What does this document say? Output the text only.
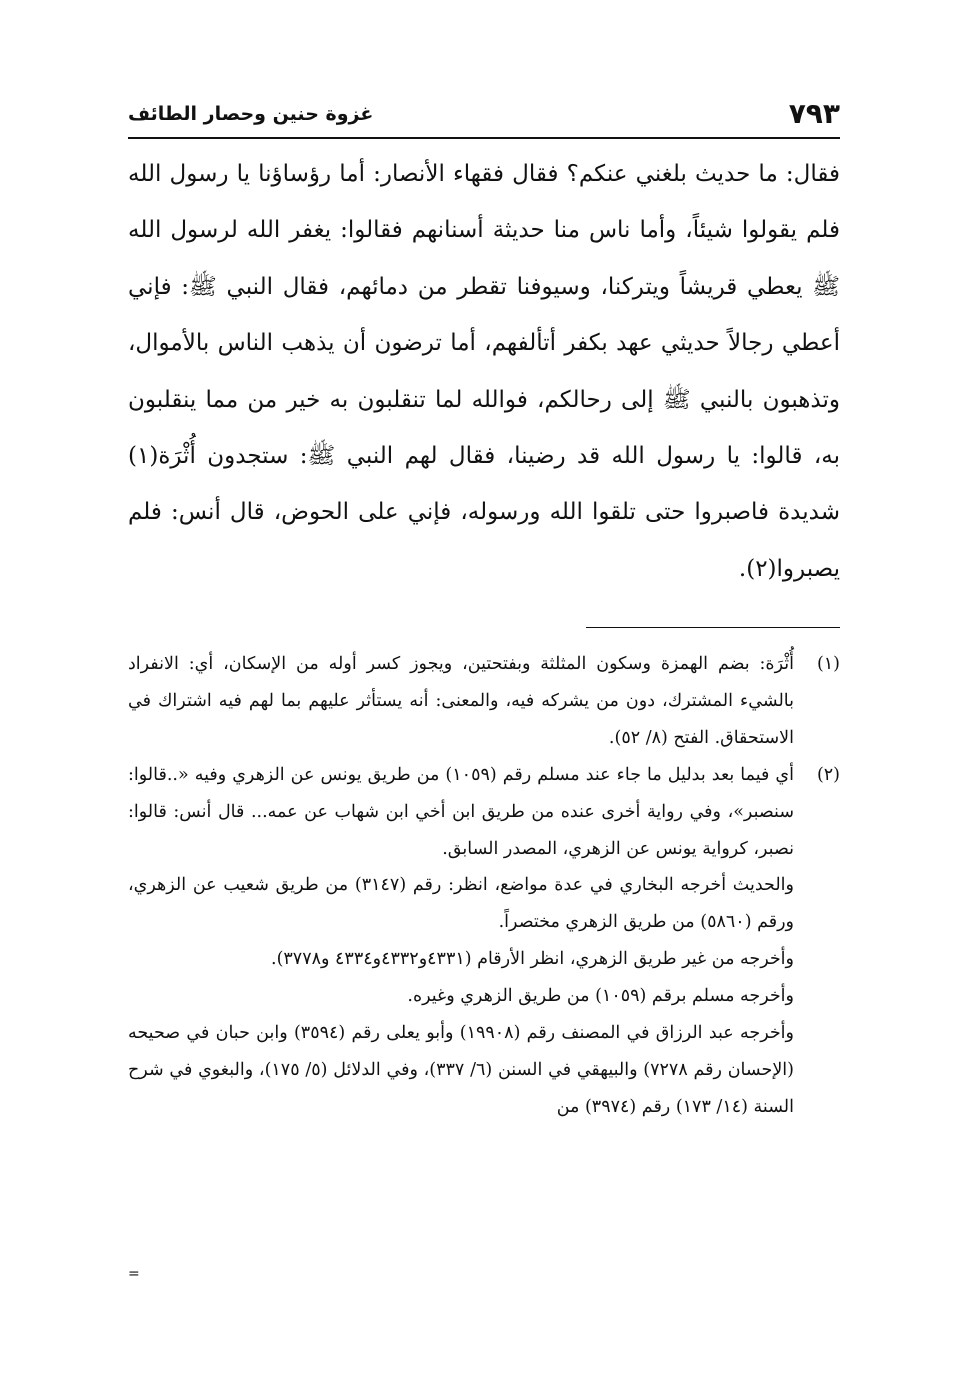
٧٩٣
غزوة حنين وحصار الطائف

فقال: ما حديث بلغني عنكم؟ فقال فقهاء الأنصار: أما رؤساؤنا يا رسول الله فلم يقولوا شيئاً، وأما ناس منا حديثة أسنانهم فقالوا: يغفر الله لرسول الله ﷺ يعطي قريشاً ويتركنا، وسيوفنا تقطر من دمائهم، فقال النبي ﷺ: فإني أعطي رجالاً حديثي عهد بكفر أتألفهم، أما ترضون أن يذهب الناس بالأموال، وتذهبون بالنبي ﷺ إلى رحالكم، فوالله لما تنقلبون به خير من مما ينقلبون به، قالوا: يا رسول الله قد رضينا، فقال لهم النبي ﷺ: ستجدون أُثْرَة(١) شديدة فاصبروا حتى تلقوا الله ورسوله، فإني على الحوض، قال أنس: فلم يصبروا(٢).

(١)

أُثْرَة: بضم الهمزة وسكون المثلثة وبفتحتين، ويجوز كسر أوله من الإسكان، أي: الانفراد بالشيء المشترك، دون من يشركه فيه، والمعنى: أنه يستأثر عليهم بما لهم فيه اشتراك في الاستحقاق. الفتح (٨/ ٥٢).

(٢)

أي فيما بعد بدليل ما جاء عند مسلم رقم (١٠٥٩) من طريق يونس عن الزهري وفيه «..قالوا: سنصبر»، وفي رواية أخرى عنده من طريق ابن أخي ابن شهاب عن عمه... قال أنس: قالوا: نصبر، كرواية يونس عن الزهري، المصدر السابق.

والحديث أخرجه البخاري في عدة مواضع، انظر: رقم (٣١٤٧) من طريق شعيب عن الزهري، ورقم (٥٨٦٠) من طريق الزهري مختصراً.

وأخرجه من غير طريق الزهري، انظر الأرقام (٤٣٣١و٤٣٣٢و٤٣٣٤ و٣٧٧٨).

وأخرجه مسلم برقم (١٠٥٩) من طريق الزهري وغيره.

وأخرجه عبد الرزاق في المصنف رقم (١٩٩٠٨) وأبو يعلى رقم (٣٥٩٤) وابن حبان في صحيحه (الإحسان رقم ٧٢٧٨) والبيهقي في السنن (٦/ ٣٣٧)، وفي الدلائل (٥/ ١٧٥)، والبغوي في شرح السنة (١٤/ ١٧٣) رقم (٣٩٧٤) من

=
